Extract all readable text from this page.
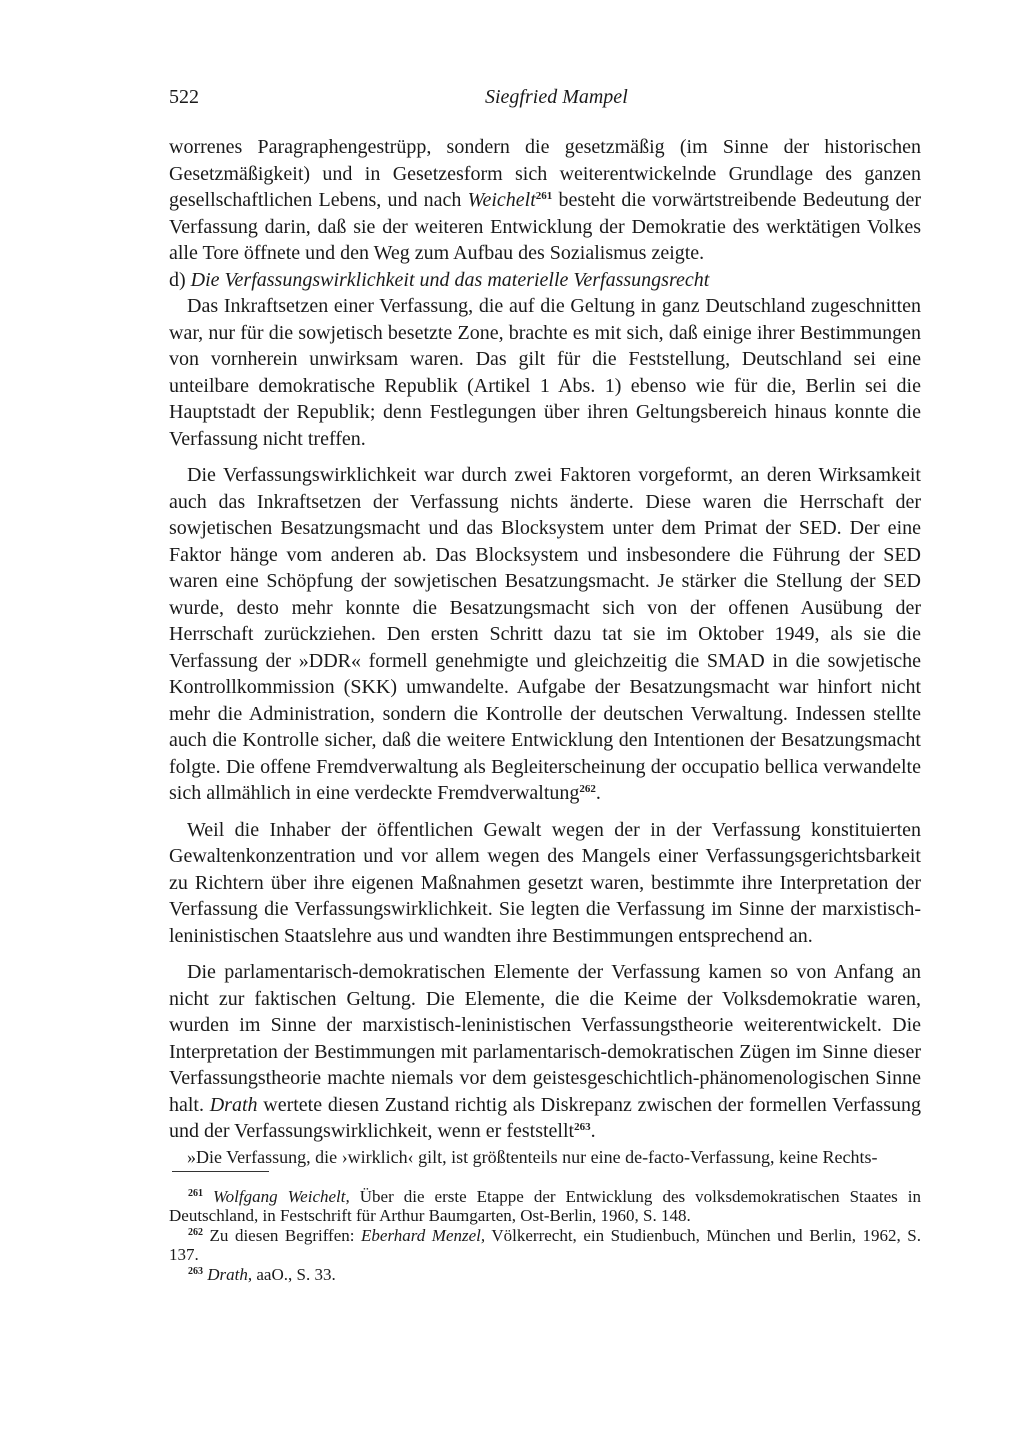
522	Siegfried Mampel

worrenes Paragraphengestrüpp, sondern die gesetzmäßig (im Sinne der historischen Gesetzmäßigkeit) und in Gesetzesform sich weiterentwickelnde Grundlage des ganzen gesellschaftlichen Lebens, und nach Weichelt$^{261}$ besteht die vorwärtstreibende Bedeutung der Verfassung darin, daß sie der weiteren Entwicklung der Demokratie des werktätigen Volkes alle Tore öffnete und den Weg zum Aufbau des Sozialismus zeigte.

d) Die Verfassungswirklichkeit und das materielle Verfassungsrecht

Das Inkraftsetzen einer Verfassung, die auf die Geltung in ganz Deutschland zugeschnitten war, nur für die sowjetisch besetzte Zone, brachte es mit sich, daß einige ihrer Bestimmungen von vornherein unwirksam waren. Das gilt für die Feststellung, Deutschland sei eine unteilbare demokratische Republik (Artikel 1 Abs. 1) ebenso wie für die, Berlin sei die Hauptstadt der Republik; denn Festlegungen über ihren Geltungsbereich hinaus konnte die Verfassung nicht treffen.

Die Verfassungswirklichkeit war durch zwei Faktoren vorgeformt, an deren Wirksamkeit auch das Inkraftsetzen der Verfassung nichts änderte. Diese waren die Herrschaft der sowjetischen Besatzungsmacht und das Blocksystem unter dem Primat der SED. Der eine Faktor hänge vom anderen ab. Das Blocksystem und insbesondere die Führung der SED waren eine Schöpfung der sowjetischen Besatzungsmacht. Je stärker die Stellung der SED wurde, desto mehr konnte die Besatzungsmacht sich von der offenen Ausübung der Herrschaft zurückziehen. Den ersten Schritt dazu tat sie im Oktober 1949, als sie die Verfassung der »DDR« formell genehmigte und gleichzeitig die SMAD in die sowjetische Kontrollkommission (SKK) umwandelte. Aufgabe der Besatzungsmacht war hinfort nicht mehr die Administration, sondern die Kontrolle der deutschen Verwaltung. Indessen stellte auch die Kontrolle sicher, daß die weitere Entwicklung den Intentionen der Besatzungsmacht folgte. Die offene Fremdverwaltung als Begleiterscheinung der occupatio bellica verwandelte sich allmählich in eine verdeckte Fremdverwaltung$^{262}$.

Weil die Inhaber der öffentlichen Gewalt wegen der in der Verfassung konstituierten Gewaltenkonzentration und vor allem wegen des Mangels einer Verfassungsgerichtsbarkeit zu Richtern über ihre eigenen Maßnahmen gesetzt waren, bestimmte ihre Interpretation der Verfassung die Verfassungswirklichkeit. Sie legten die Verfassung im Sinne der marxistisch-leninistischen Staatslehre aus und wandten ihre Bestimmungen entsprechend an.

Die parlamentarisch-demokratischen Elemente der Verfassung kamen so von Anfang an nicht zur faktischen Geltung. Die Elemente, die die Keime der Volksdemokratie waren, wurden im Sinne der marxistisch-leninistischen Verfassungstheorie weiterentwickelt. Die Interpretation der Bestimmungen mit parlamentarisch-demokratischen Zügen im Sinne dieser Verfassungstheorie machte niemals vor dem geistesgeschichtlich-phänomenologischen Sinne halt. Drath wertete diesen Zustand richtig als Diskrepanz zwischen der formellen Verfassung und der Verfassungswirklichkeit, wenn er feststellt$^{263}$.

»Die Verfassung, die ›wirklich‹ gilt, ist größtenteils nur eine de-facto-Verfassung, keine Rechts-

$^{261}$ Wolfgang Weichelt, Über die erste Etappe der Entwicklung des volksdemokratischen Staates in Deutschland, in Festschrift für Arthur Baumgarten, Ost-Berlin, 1960, S. 148.

$^{262}$ Zu diesen Begriffen: Eberhard Menzel, Völkerrecht, ein Studienbuch, München und Berlin, 1962, S. 137.

$^{263}$ Drath, aaO., S. 33.
